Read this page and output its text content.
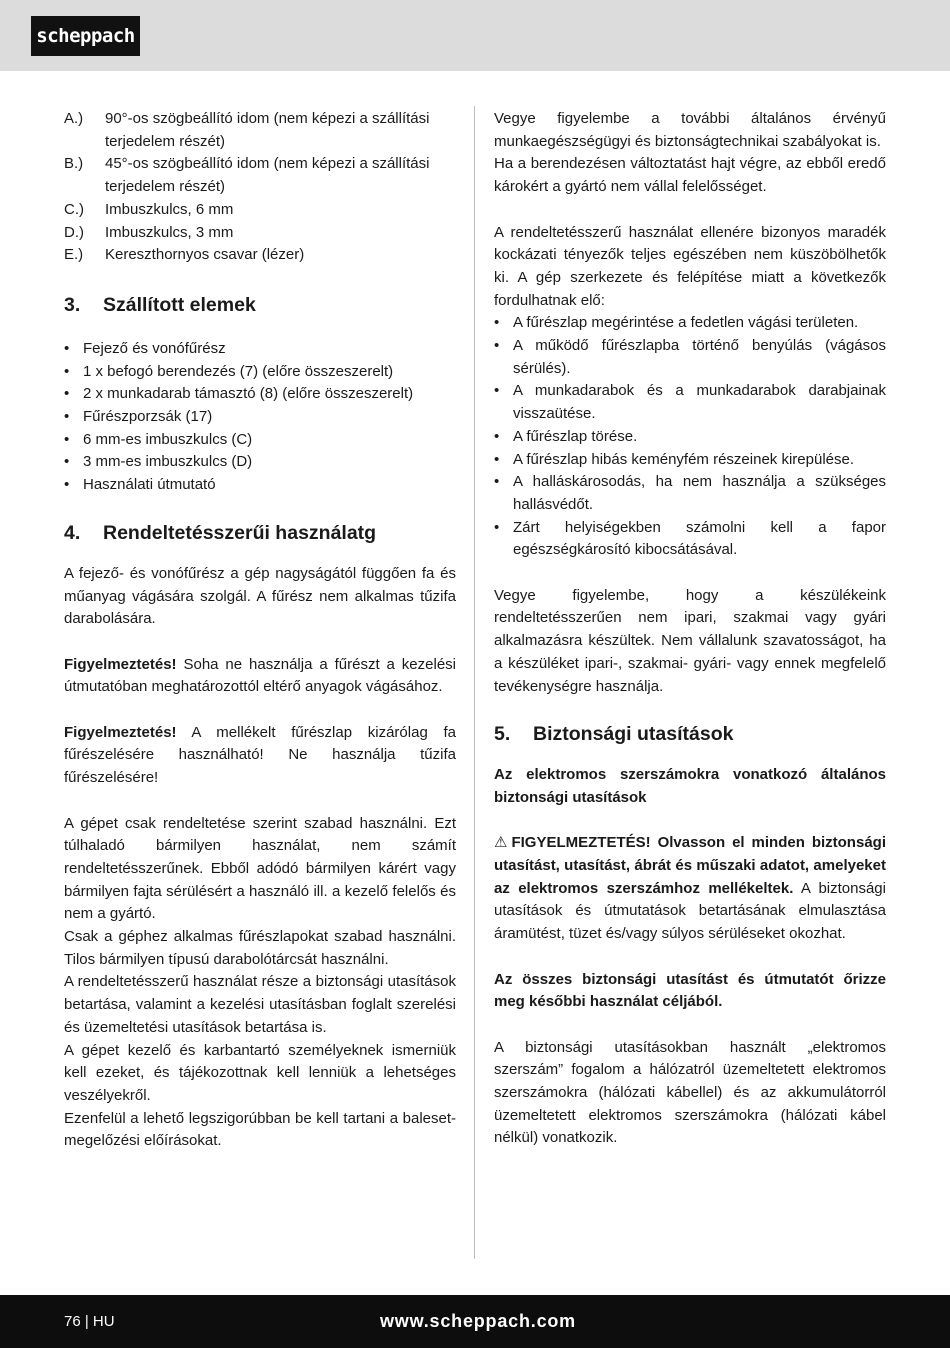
scheppach
A.)	90°-os szögbeállító idom (nem képezi a szállítási terjedelem részét)
B.)	45°-os szögbeállító idom (nem képezi a szállítási terjedelem részét)
C.)	Imbuszkulcs, 6 mm
D.)	Imbuszkulcs, 3 mm
E.)	Kereszthornyos csavar (lézer)
3.	Szállított elemek
• Fejező és vonófűrész
• 1 x befogó berendezés (7) (előre összeszerelt)
• 2 x munkadarab támasztó (8) (előre összeszerelt)
• Fűrészporzsák (17)
• 6 mm-es imbuszkulcs (C)
• 3 mm-es imbuszkulcs (D)
• Használati útmutató
4.	Rendeltetésszerűi használatg

A fejező- és vonófűrész a gép nagyságától függően fa és műanyag vágására szolgál. A fűrész nem alkalmas tűzifa darabolására.

Figyelmeztetés! Soha ne használja a fűrészt a kezelési útmutatóban meghatározottól eltérő anyagok vágásához.

Figyelmeztetés! A mellékelt fűrészlap kizárólag fa fűrészelésére használható! Ne használja tűzifa fűrészelésére!

A gépet csak rendeltetése szerint szabad használni. Ezt túlhaladó bármilyen használat, nem számít rendeltetésszerűnek. Ebből adódó bármilyen kárért vagy bármilyen fajta sérülésért a használó ill. a kezelő felelős és nem a gyártó.

Csak a géphez alkalmas fűrészlapokat szabad használni. Tilos bármilyen típusú darabolótárcsát használni.

A rendeltetésszerű használat része a biztonsági utasítások betartása, valamint a kezelési utasításban foglalt szerelési és üzemeltetési utasítások betartása is.

A gépet kezelő és karbantartó személyeknek ismerniük kell ezeket, és tájékozottnak kell lenniük a lehetséges veszélyekről.

Ezenfelül a lehető legszigorúbban be kell tartani a baleset-megelőzési előírásokat.

Vegye figyelembe a további általános érvényű munkaegészségügyi és biztonságtechnikai szabályokat is.

Ha a berendezésen változtatást hajt végre, az ebből eredő károkért a gyártó nem vállal felelősséget.

A rendeltetésszerű használat ellenére bizonyos maradék kockázati tényezők teljes egészében nem küszöbölhetők ki. A gép szerkezete és felépítése miatt a következők fordulhatnak elő:

• A fűrészlap megérintése a fedetlen vágási területen.
• A működő fűrészlapba történő benyúlás (vágásos sérülés).
• A munkadarabok és a munkadarabok darabjainak visszaütése.
• A fűrészlap törése.
• A fűrészlap hibás keményfém részeinek kirepülése.
• A halláskárosodás, ha nem használja a szükséges hallásvédőt.
• Zárt helyiségekben számolni kell a fapor egészségkárosító kibocsátásával.

Vegye figyelembe, hogy a készülékeink rendeltetésszerűen nem ipari, szakmai vagy gyári alkalmazásra készültek. Nem vállalunk szavatosságot, ha a készüléket ipari-, szakmai- gyári- vagy ennek megfelelő tevékenységre használja.

5.	Biztonsági utasítások

Az elektromos szerszámokra vonatkozó általános biztonsági utasítások

⚠ FIGYELMEZTETÉS! Olvasson el minden biztonsági utasítást, utasítást, ábrát és műszaki adatot, amelyeket az elektromos szerszámhoz mellékeltek. A biztonsági utasítások és útmutatások betartásának elmulasztása áramütést, tüzet és/vagy súlyos sérüléseket okozhat.

Az összes biztonsági utasítást és útmutatót őrizze meg későbbi használat céljából.

A biztonsági utasításokban használt „elektromos szerszám” fogalom a hálózatról üzemeltetett elektromos szerszámokra (hálózati kábellel) és az akkumulátorról üzemeltetett elektromos szerszámokra (hálózati kábel nélkül) vonatkozik.

76 | HU	www.scheppach.com
